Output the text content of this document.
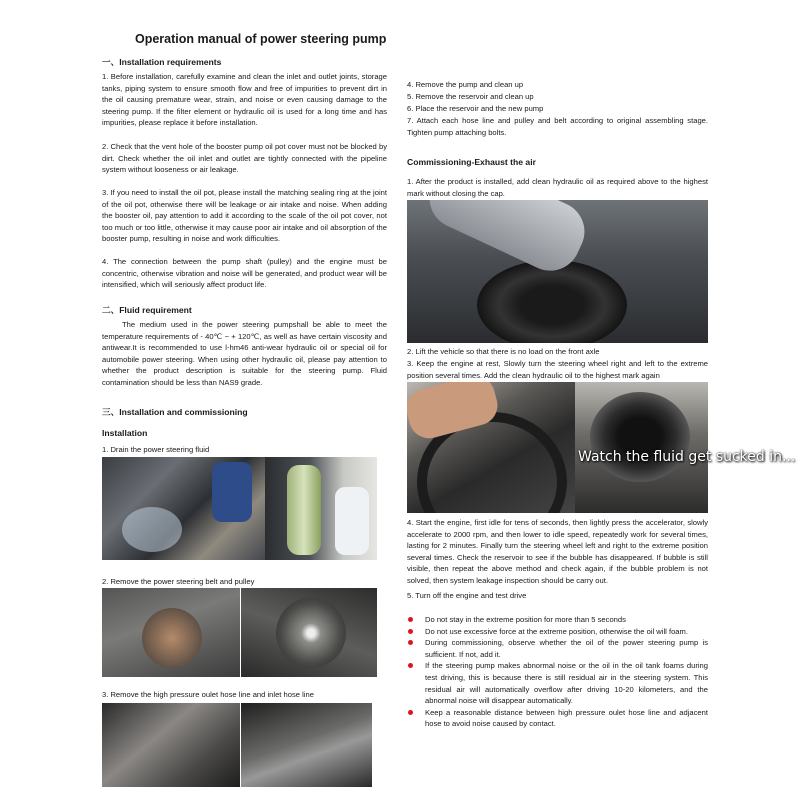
Operation manual of power steering pump
一、Installation requirements
1. Before installation, carefully examine and clean the inlet and outlet joints, storage tanks, piping system to ensure smooth flow and free of impurities to prevent dirt in the oil causing premature wear, strain, and noise or even causing damage to the steering pump. If the filter element or hydraulic oil is used for a long time and has impurities, please replace it before installation.
2. Check that the vent hole of the booster pump oil pot cover must not be blocked by dirt. Check whether the oil inlet and outlet are tightly connected with the pipeline system without looseness or air leakage.
3. If you need to install the oil pot, please install the matching sealing ring at the joint of the oil pot, otherwise there will be leakage or air intake and noise. When adding the booster oil, pay attention to add it according to the scale of the oil pot cover, not too much or too little, otherwise it may cause poor air intake and oil absorption of the booster pump, resulting in noise and work difficulties.
4. The connection between the pump shaft (pulley) and the engine must be concentric, otherwise vibration and noise will be generated, and product wear will be intensified, which will seriously affect product life.
二、Fluid requirement
The medium used in the power steering pumpshall be able to meet the temperature requirements of - 40℃ ~ + 120℃, as well as have certain viscosity and antiwear.It is recommended to use l-hm46 anti-wear hydraulic oil or special oil for automobile power steering. When using other hydraulic oil, please pay attention to whether the product description is suitable for the steering pump. Fluid contamination should be less than NAS9 grade.
三、Installation and commissioning
Installation
1. Drain the power steering fluid
2. Remove the power steering belt and pulley
3. Remove the high pressure oulet hose line and inlet hose line
4. Remove the pump and clean up
5. Remove the reservoir and clean up
6. Place the reservoir and the new pump
7. Attach each hose line and pulley and belt according to original assembling stage. Tighten pump attaching bolts.
Commissioning-Exhaust the air
1. After the product is installed, add clean hydraulic oil as required above to the highest mark without closing the cap.
2. Lift the vehicle so that there is no load on the front axle
3. Keep the engine at rest, Slowly turn the steering wheel right and left to the extreme position several times. Add the clean hydraulic oil to the highest mark again
Watch the fluid get sucked in...
4. Start the engine, first idle for tens of seconds, then lightly press the accelerator, slowly accelerate to 2000 rpm, and then lower to idle speed, repeatedly work for several times, lasting for 2 minutes. Finally turn the steering wheel left and right to the extreme position several times. Check the reservoir to see if the bubble has disappeared. If bubble is still visible, then repeat the above method and check again, if the bubble problem is not solved, then system leakage inspection should be carry out.
5. Turn off the engine and test drive
Do not stay in the extreme position for more than 5 seconds
Do not use excessive force at the extreme position, otherwise the oil will foam.
During commissioning, observe whether the oil of the power steering pump is sufficient. If not, add it.
If the steering pump makes abnormal noise or the oil in the oil tank foams during test driving, this is because there is still residual air in the steering system. This residual air will automatically overflow after driving 10-20 kilometers, and the abnormal noise will disappear automatically.
Keep a reasonable distance between high pressure oulet hose line and adjacent hose to avoid noise caused by contact.
